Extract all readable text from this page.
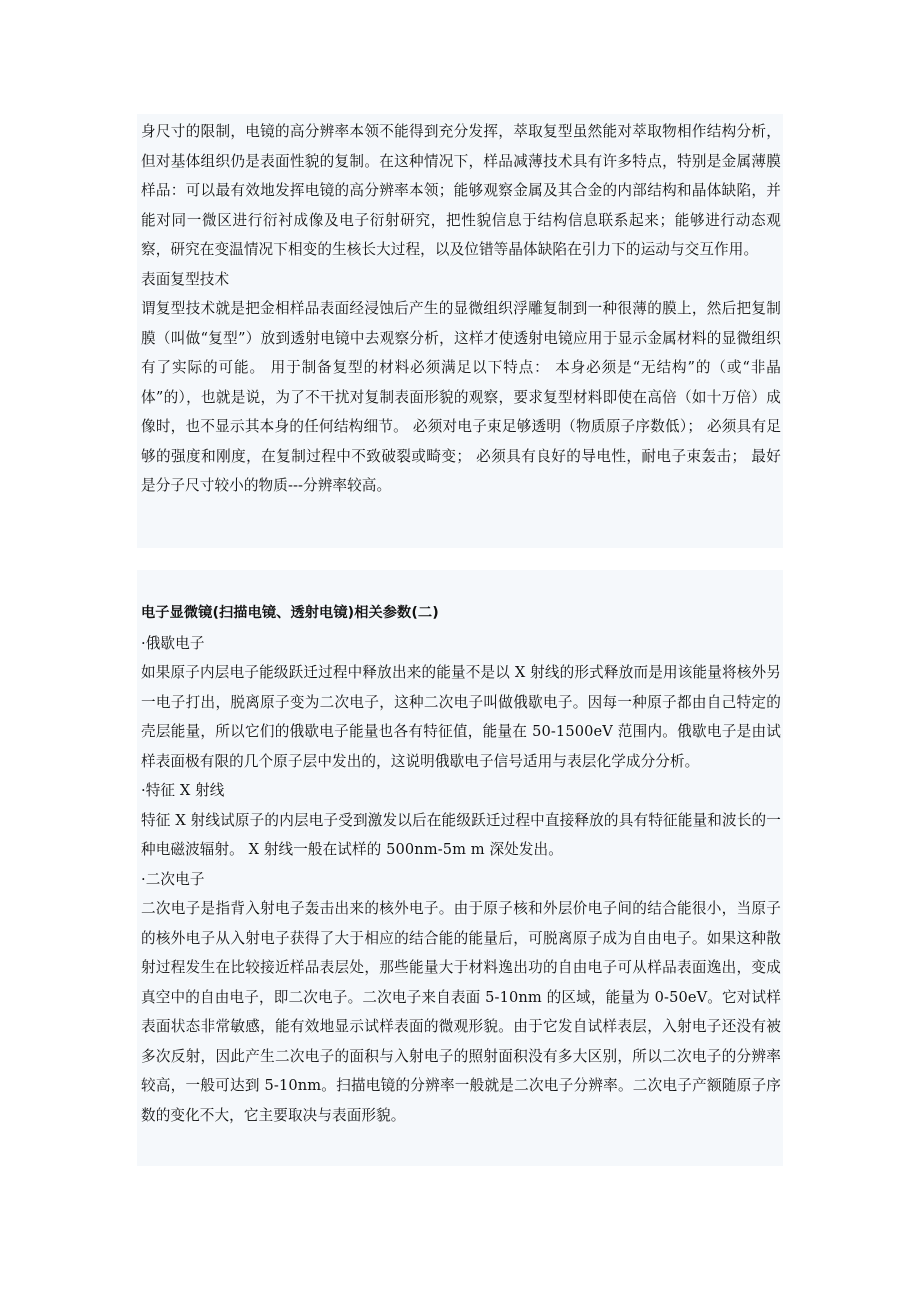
身尺寸的限制，电镜的高分辨率本领不能得到充分发挥，萃取复型虽然能对萃取物相作结构分析，但对基体组织仍是表面性貌的复制。在这种情况下，样品减薄技术具有许多特点，特别是金属薄膜样品：可以最有效地发挥电镜的高分辨率本领；能够观察金属及其合金的内部结构和晶体缺陷，并能对同一微区进行衍衬成像及电子衍射研究，把性貌信息于结构信息联系起来；能够进行动态观察，研究在变温情况下相变的生核长大过程，以及位错等晶体缺陷在引力下的运动与交互作用。

表面复型技术

谓复型技术就是把金相样品表面经浸蚀后产生的显微组织浮雕复制到一种很薄的膜上，然后把复制膜（叫做“复型”）放到透射电镜中去观察分析，这样才使透射电镜应用于显示金属材料的显微组织有了实际的可能。 用于制备复型的材料必须满足以下特点： 本身必须是“无结构”的（或“非晶体”的），也就是说，为了不干扰对复制表面形貌的观察，要求复型材料即使在高倍（如十万倍）成像时，也不显示其本身的任何结构细节。 必须对电子束足够透明（物质原子序数低）； 必须具有足够的强度和刚度，在复制过程中不致破裂或畸变； 必须具有良好的导电性，耐电子束轰击； 最好是分子尺寸较小的物质---分辨率较高。

电子显微镜(扫描电镜、透射电镜)相关参数(二)

·俄歇电子

如果原子内层电子能级跃迁过程中释放出来的能量不是以 X 射线的形式释放而是用该能量将核外另一电子打出，脱离原子变为二次电子，这种二次电子叫做俄歇电子。因每一种原子都由自己特定的壳层能量，所以它们的俄歇电子能量也各有特征值，能量在 50-1500eV 范围内。俄歇电子是由试样表面极有限的几个原子层中发出的，这说明俄歇电子信号适用与表层化学成分分析。

·特征 X 射线

特征 X 射线试原子的内层电子受到激发以后在能级跃迁过程中直接释放的具有特征能量和波长的一种电磁波辐射。 X 射线一般在试样的 500nm-5m m 深处发出。

·二次电子

二次电子是指背入射电子轰击出来的核外电子。由于原子核和外层价电子间的结合能很小，当原子的核外电子从入射电子获得了大于相应的结合能的能量后，可脱离原子成为自由电子。如果这种散射过程发生在比较接近样品表层处，那些能量大于材料逸出功的自由电子可从样品表面逸出，变成真空中的自由电子，即二次电子。二次电子来自表面 5-10nm 的区域，能量为 0-50eV。它对试样表面状态非常敏感，能有效地显示试样表面的微观形貌。由于它发自试样表层，入射电子还没有被多次反射，因此产生二次电子的面积与入射电子的照射面积没有多大区别，所以二次电子的分辨率较高，一般可达到 5-10nm。扫描电镜的分辨率一般就是二次电子分辨率。二次电子产额随原子序数的变化不大，它主要取决与表面形貌。
